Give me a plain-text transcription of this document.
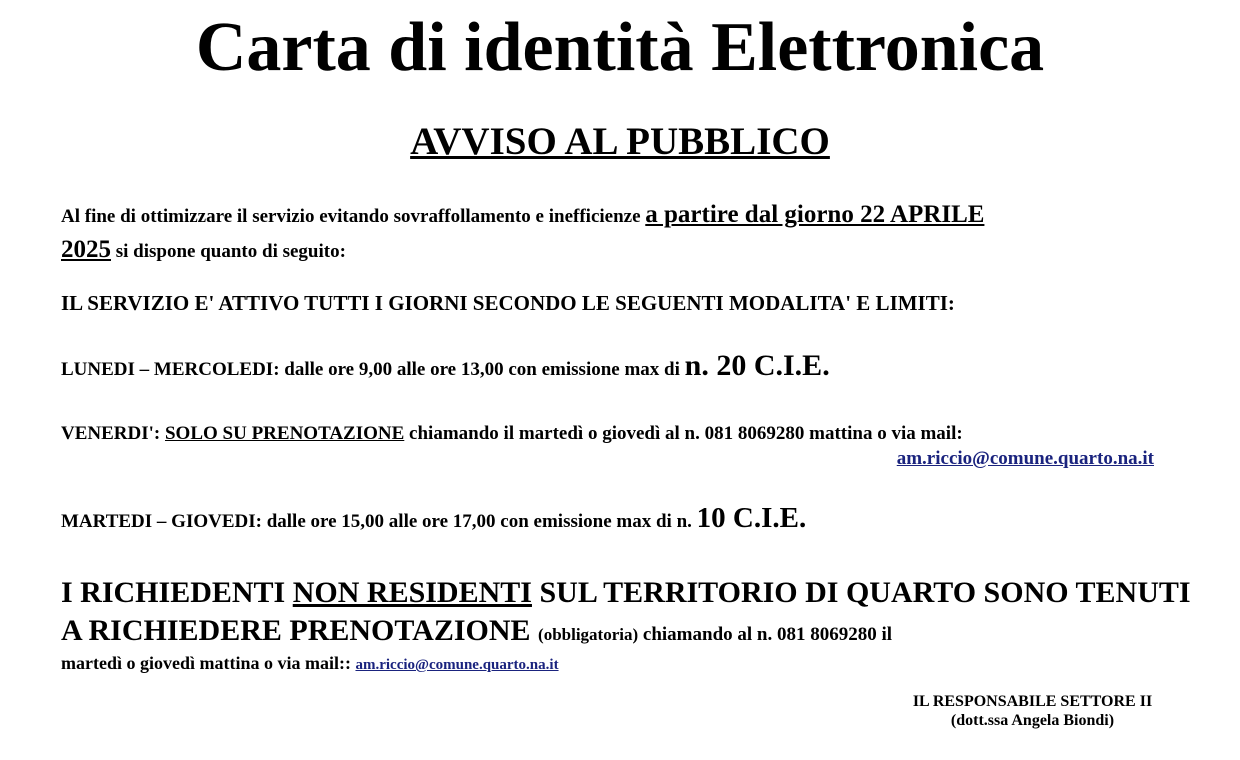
Carta di identità Elettronica
AVVISO AL PUBBLICO

Al fine di ottimizzare il servizio evitando sovraffollamento e inefficienze a partire dal giorno 22 APRILE
2025 si dispone quanto di seguito:

IL SERVIZIO E' ATTIVO TUTTI I GIORNI SECONDO LE SEGUENTI MODALITA' E LIMITI:

LUNEDI – MERCOLEDI: dalle ore 9,00 alle ore 13,00 con emissione max di n. 20 C.I.E.

VENERDI': SOLO SU PRENOTAZIONE chiamando il martedì o giovedì al n. 081 8069280 mattina o via mail:

am.riccio@comune.quarto.na.it

MARTEDI – GIOVEDI: dalle ore 15,00 alle ore 17,00 con emissione max di n. 10 C.I.E.

I RICHIEDENTI NON RESIDENTI SUL TERRITORIO DI QUARTO SONO TENUTI A RICHIEDERE PRENOTAZIONE (obbligatoria) chiamando al n. 081 8069280 il

martedì o giovedì mattina o via mail:: am.riccio@comune.quarto.na.it
IL RESPONSABILE SETTORE II
(dott.ssa Angela Biondi)
